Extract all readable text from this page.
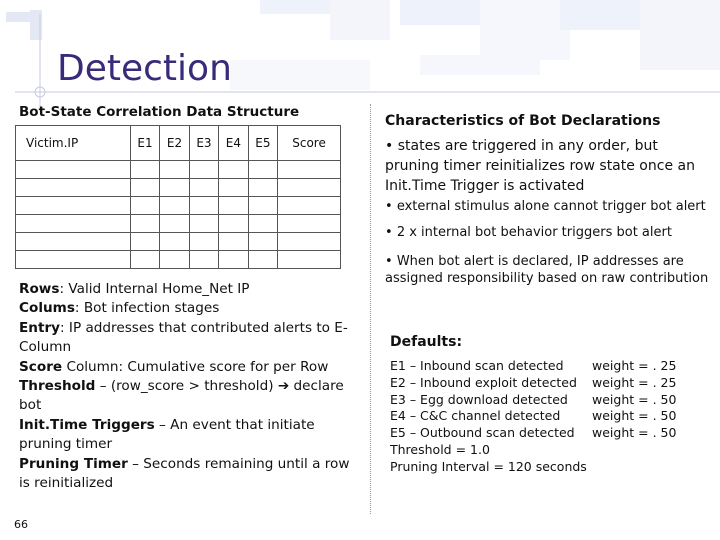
Detection
Bot-State Correlation Data Structure
Victim.IP	E1	E2	E3	E4	E5	Score

Rows: Valid Internal Home_Net IP
Colums: Bot infection stages
Entry: IP addresses that contributed alerts to E-Column
Score Column: Cumulative score for per Row
Threshold – (row_score > threshold) ➔ declare bot
Init.Time Triggers – An event that initiate pruning timer
Pruning Timer – Seconds remaining until a row is reinitialized
Characteristics of Bot Declarations
• states are triggered in any order, but pruning timer reinitializes row state once an Init.Time Trigger is activated
• external stimulus alone cannot trigger bot alert
• 2 x internal bot behavior triggers bot alert
• When bot alert is declared, IP addresses are assigned responsibility based on raw contribution
Defaults:
E1 – Inbound scan detected	weight = . 25
E2 – Inbound exploit detected	weight = . 25
E3 – Egg download detected	weight = . 50
E4 – C&C channel detected	weight = . 50
E5 – Outbound scan detected	weight = . 50
Threshold = 1.0
Pruning Interval = 120 seconds
66
